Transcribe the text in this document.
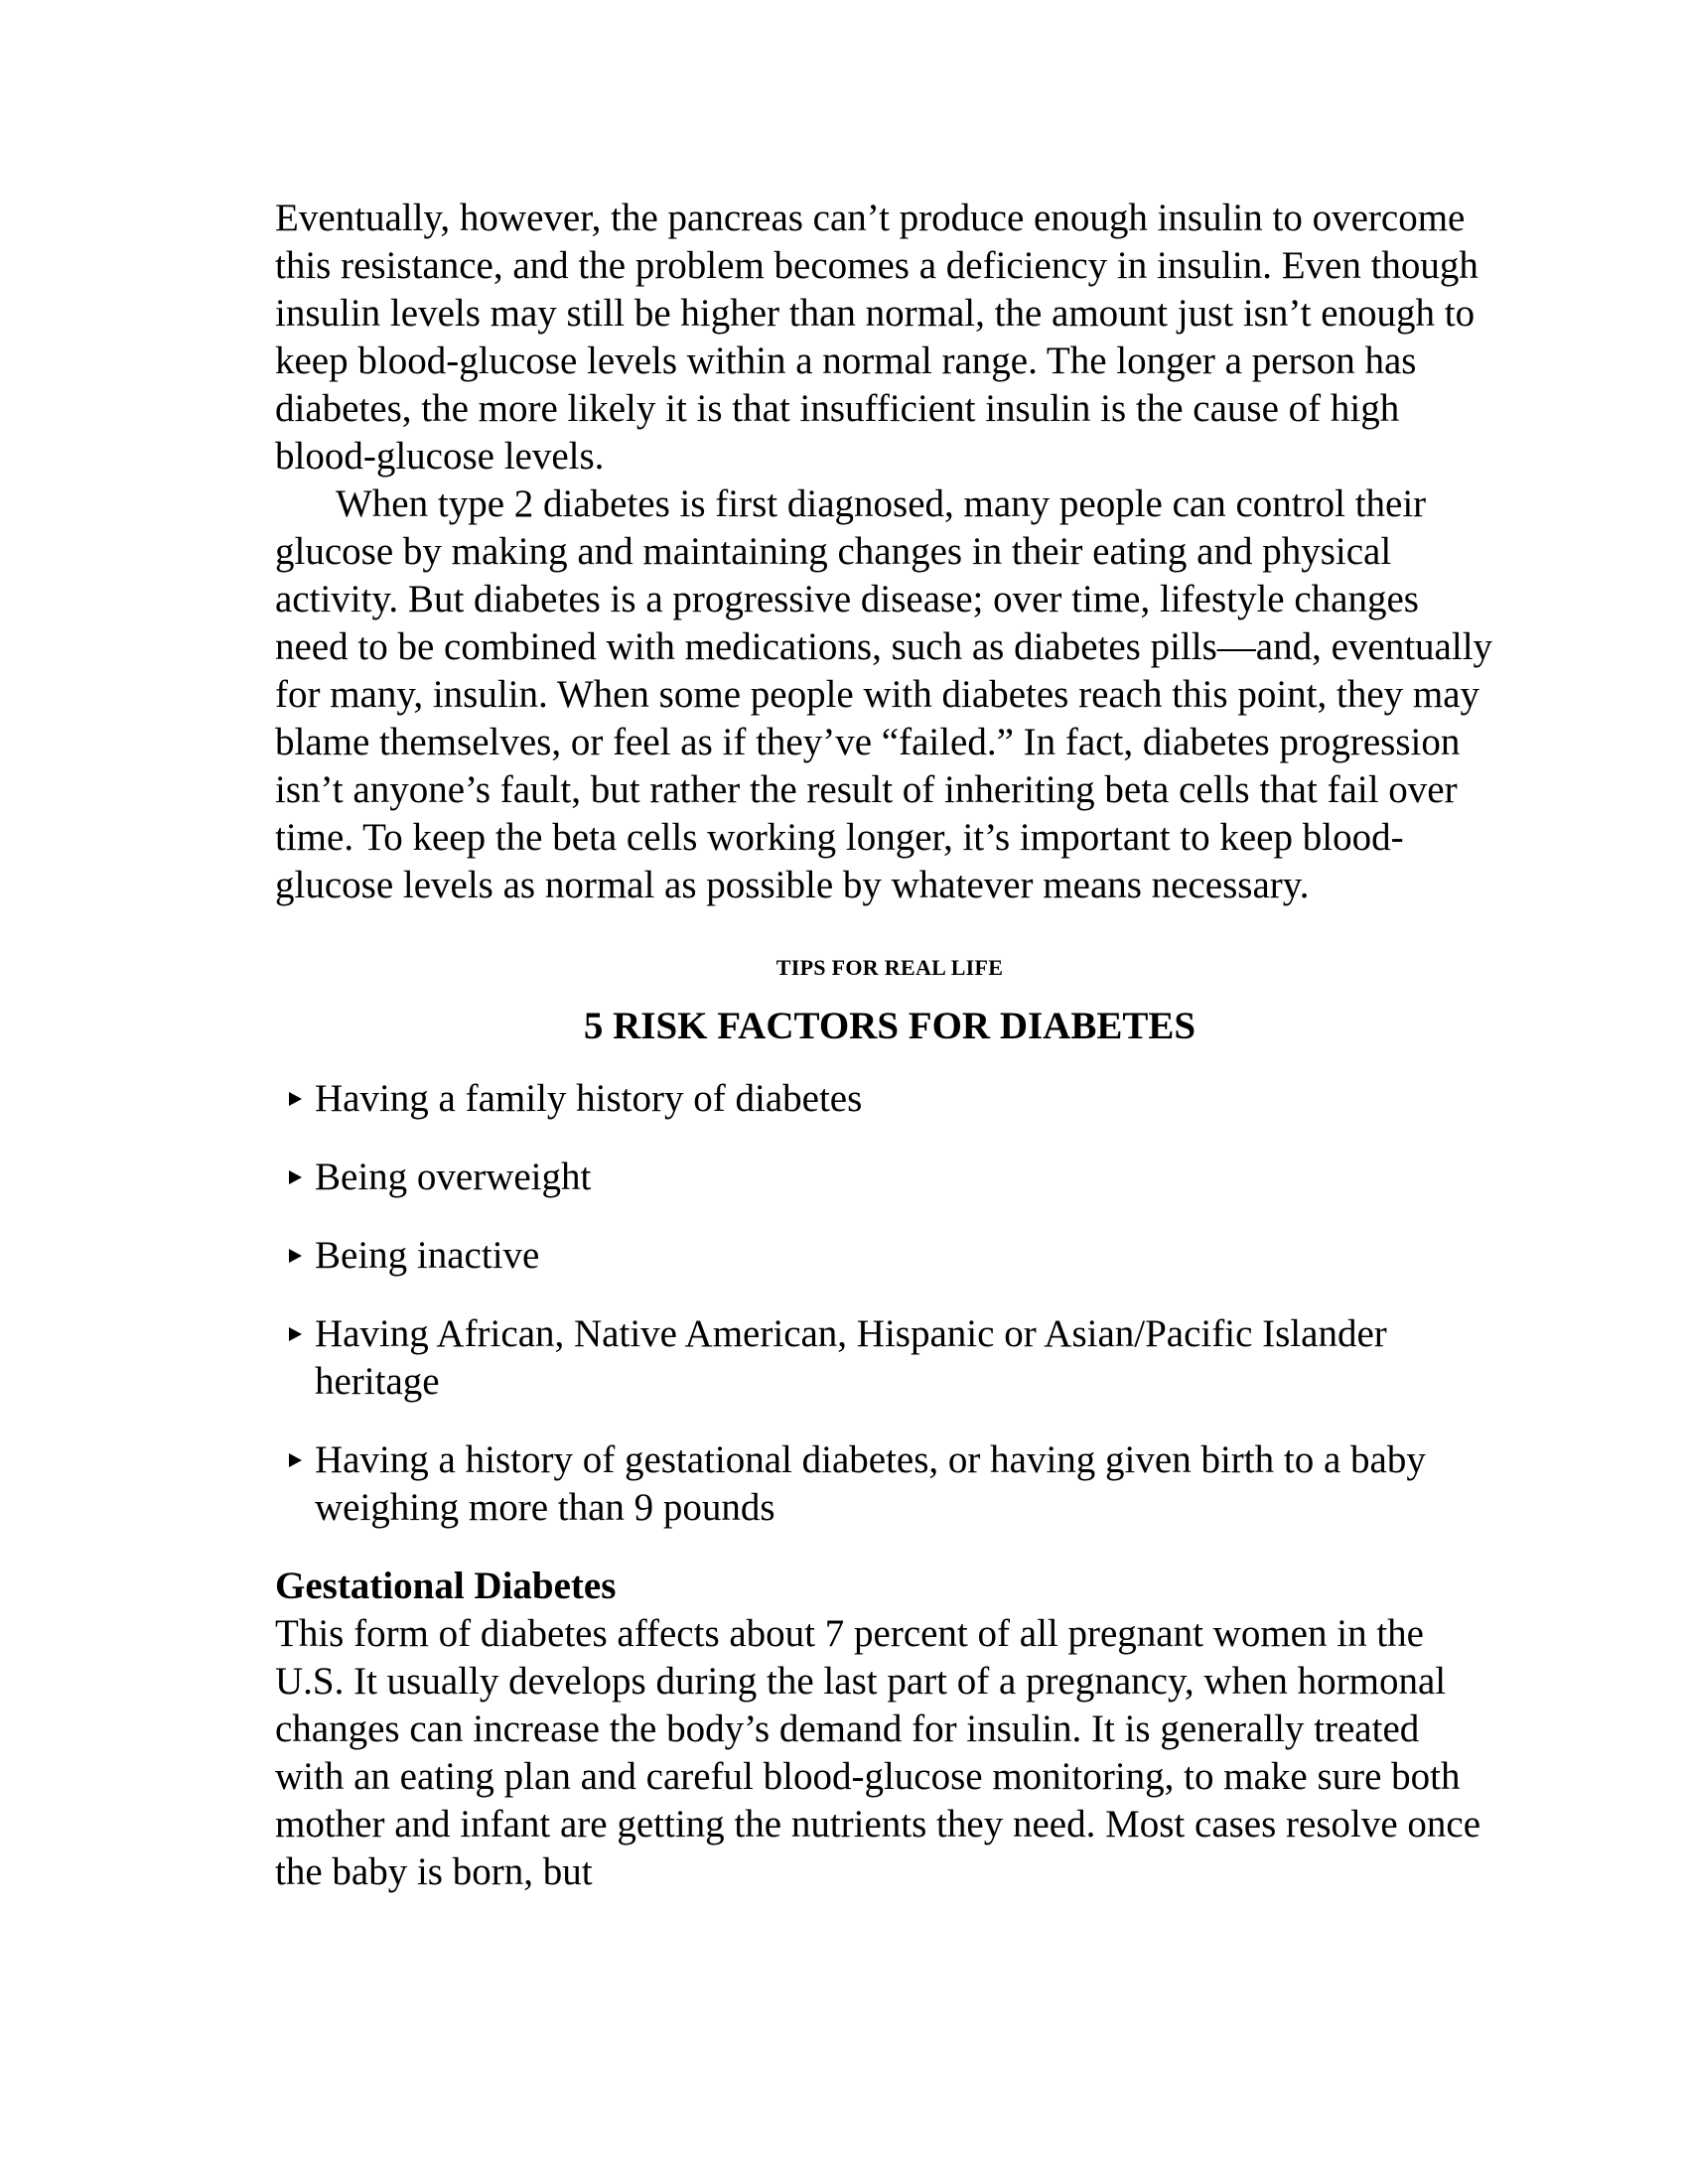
Eventually, however, the pancreas can’t produce enough insulin to overcome this resistance, and the problem becomes a deficiency in insulin. Even though insulin levels may still be higher than normal, the amount just isn’t enough to keep blood-glucose levels within a normal range. The longer a person has diabetes, the more likely it is that insufficient insulin is the cause of high blood-glucose levels.

When type 2 diabetes is first diagnosed, many people can control their glucose by making and maintaining changes in their eating and physical activity. But diabetes is a progressive disease; over time, lifestyle changes need to be combined with medications, such as diabetes pills—and, eventually for many, insulin. When some people with diabetes reach this point, they may blame themselves, or feel as if they’ve “failed.” In fact, diabetes progression isn’t anyone’s fault, but rather the result of inheriting beta cells that fail over time. To keep the beta cells working longer, it’s important to keep blood-glucose levels as normal as possible by whatever means necessary.

TIPS FOR REAL LIFE
5 RISK FACTORS FOR DIABETES
Having a family history of diabetes
Being overweight
Being inactive
Having African, Native American, Hispanic or Asian/Pacific Islander heritage
Having a history of gestational diabetes, or having given birth to a baby weighing more than 9 pounds
Gestational Diabetes

This form of diabetes affects about 7 percent of all pregnant women in the U.S. It usually develops during the last part of a pregnancy, when hormonal changes can increase the body’s demand for insulin. It is generally treated with an eating plan and careful blood-glucose monitoring, to make sure both mother and infant are getting the nutrients they need. Most cases resolve once the baby is born, but
